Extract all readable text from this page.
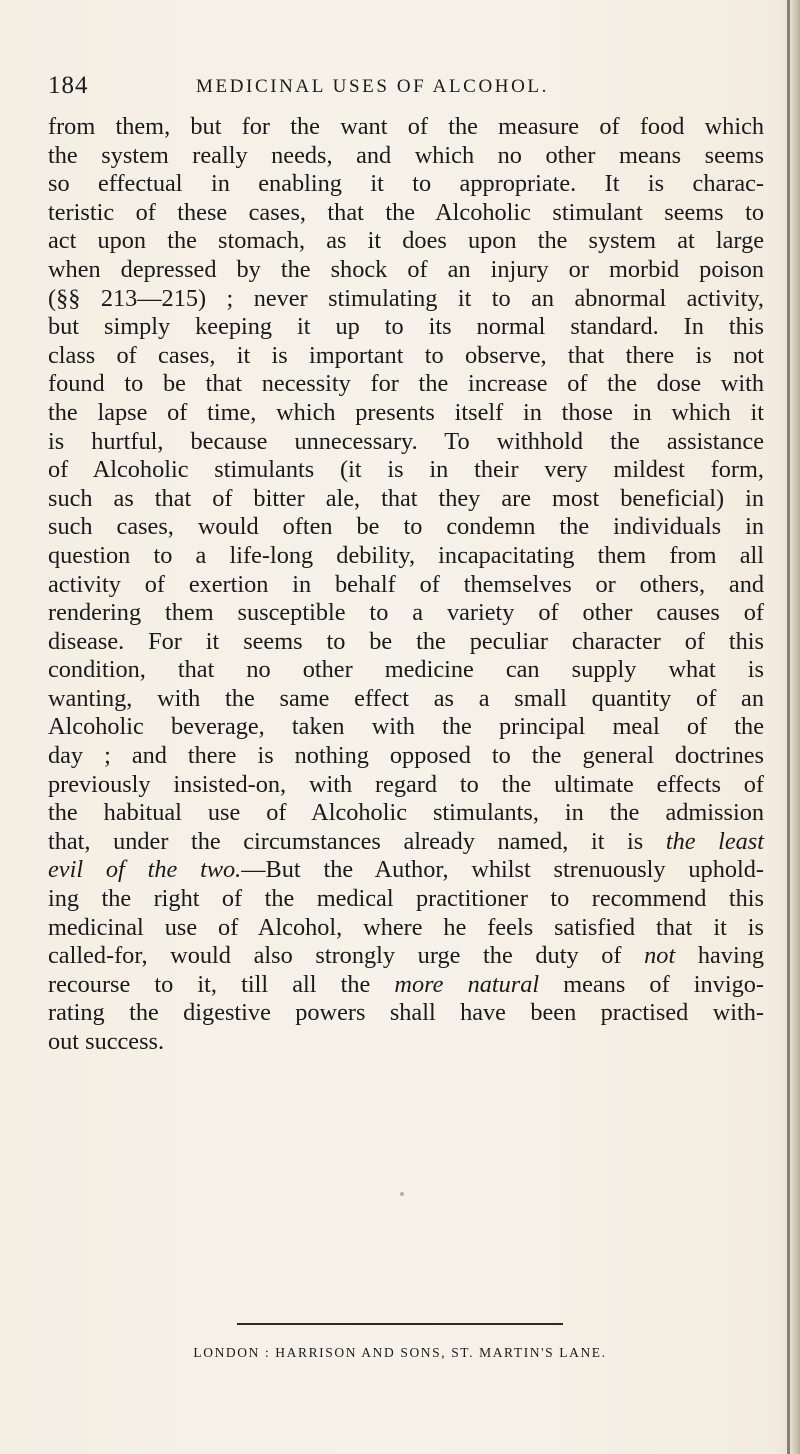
184	MEDICINAL USES OF ALCOHOL.
from them, but for the want of the measure of food which
the system really needs, and which no other means seems
so effectual in enabling it to appropriate. It is charac-
teristic of these cases, that the Alcoholic stimulant seems to
act upon the stomach, as it does upon the system at large
when depressed by the shock of an injury or morbid poison
(§§ 213—215) ; never stimulating it to an abnormal activity,
but simply keeping it up to its normal standard. In this
class of cases, it is important to observe, that there is not
found to be that necessity for the increase of the dose with
the lapse of time, which presents itself in those in which it
is hurtful, because unnecessary. To withhold the assistance
of Alcoholic stimulants (it is in their very mildest form,
such as that of bitter ale, that they are most beneficial) in
such cases, would often be to condemn the individuals in
question to a life-long debility, incapacitating them from all
activity of exertion in behalf of themselves or others, and
rendering them susceptible to a variety of other causes of
disease. For it seems to be the peculiar character of this
condition, that no other medicine can supply what is
wanting, with the same effect as a small quantity of an
Alcoholic beverage, taken with the principal meal of the
day ; and there is nothing opposed to the general doctrines
previously insisted-on, with regard to the ultimate effects of
the habitual use of Alcoholic stimulants, in the admission
that, under the circumstances already named, it is the least
evil of the two.—But the Author, whilst strenuously uphold-
ing the right of the medical practitioner to recommend this
medicinal use of Alcohol, where he feels satisfied that it is
called-for, would also strongly urge the duty of not having
recourse to it, till all the more natural means of invigo-
rating the digestive powers shall have been practised with-
out success.
LONDON : HARRISON AND SONS, ST. MARTIN'S LANE.
